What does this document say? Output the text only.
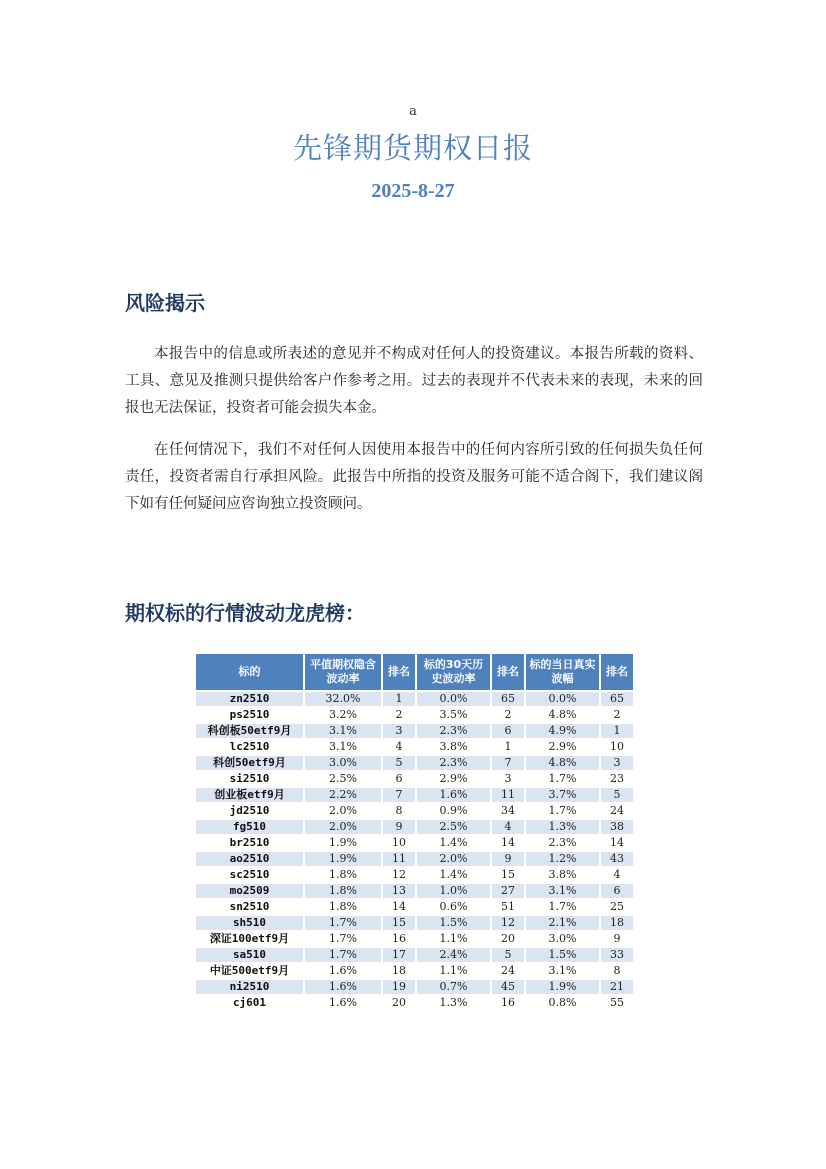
a
先锋期货期权日报
2025-8-27
风险揭示

本报告中的信息或所表述的意见并不构成对任何人的投资建议。本报告所载的资料、工具、意见及推测只提供给客户作参考之用。过去的表现并不代表未来的表现，未来的回报也无法保证，投资者可能会损失本金。

在任何情况下，我们不对任何人因使用本报告中的任何内容所引致的任何损失负任何责任，投资者需自行承担风险。此报告中所指的投资及服务可能不适合阁下，我们建议阁下如有任何疑问应咨询独立投资顾问。

期权标的行情波动龙虎榜：
标的	平值期权隐含波动率	排名	标的30天历史波动率	排名	标的当日真实波幅	排名
zn2510	32.0%	1	0.0%	65	0.0%	65
ps2510	3.2%	2	3.5%	2	4.8%	2
科创板50etf9月	3.1%	3	2.3%	6	4.9%	1
lc2510	3.1%	4	3.8%	1	2.9%	10
科创50etf9月	3.0%	5	2.3%	7	4.8%	3
si2510	2.5%	6	2.9%	3	1.7%	23
创业板etf9月	2.2%	7	1.6%	11	3.7%	5
jd2510	2.0%	8	0.9%	34	1.7%	24
fg510	2.0%	9	2.5%	4	1.3%	38
br2510	1.9%	10	1.4%	14	2.3%	14
ao2510	1.9%	11	2.0%	9	1.2%	43
sc2510	1.8%	12	1.4%	15	3.8%	4
mo2509	1.8%	13	1.0%	27	3.1%	6
sn2510	1.8%	14	0.6%	51	1.7%	25
sh510	1.7%	15	1.5%	12	2.1%	18
深证100etf9月	1.7%	16	1.1%	20	3.0%	9
sa510	1.7%	17	2.4%	5	1.5%	33
中证500etf9月	1.6%	18	1.1%	24	3.1%	8
ni2510	1.6%	19	0.7%	45	1.9%	21
cj601	1.6%	20	1.3%	16	0.8%	55
